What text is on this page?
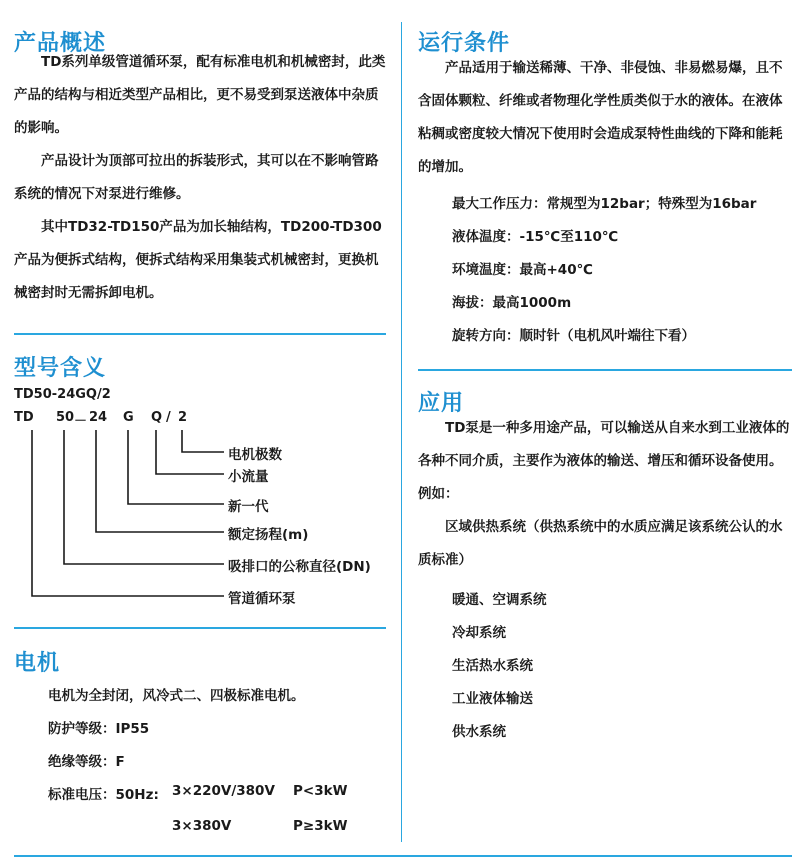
产品概述

TD系列单级管道循环泵，配有标准电机和机械密封，此类产品的结构与相近类型产品相比，更不易受到泵送液体中杂质的影响。

产品设计为顶部可拉出的拆装形式，其可以在不影响管路系统的情况下对泵进行维修。

其中TD32-TD150产品为加长轴结构，TD200-TD300产品为便拆式结构，便拆式结构采用集装式机械密封，更换机械密封时无需拆卸电机。

型号含义
TD50-24GQ/2
TD 50 － 24 G Q / 2
电机极数
小流量
新一代
额定扬程(m)
吸排口的公称直径(DN)
管道循环泵
电机
电机为全封闭，风冷式二、四极标准电机。
防护等级：IP55
绝缘等级：F
标准电压：50Hz: 3×220V/380V P<3kW
3×380V	P≥3kW
运行条件

产品适用于输送稀薄、干净、非侵蚀、非易燃易爆，且不含固体颗粒、纤维或者物理化学性质类似于水的液体。在液体粘稠或密度较大情况下使用时会造成泵特性曲线的下降和能耗的增加。

最大工作压力：常规型为12bar；特殊型为16bar
液体温度：-15℃至110℃
环境温度：最高+40℃
海拔：最高1000m
旋转方向：顺时针（电机风叶端往下看）
应用

TD泵是一种多用途产品，可以输送从自来水到工业液体的各种不同介质，主要作为液体的输送、增压和循环设备使用。例如：

区域供热系统（供热系统中的水质应满足该系统公认的水质标准）

暖通、空调系统
冷却系统
生活热水系统
工业液体输送
供水系统
